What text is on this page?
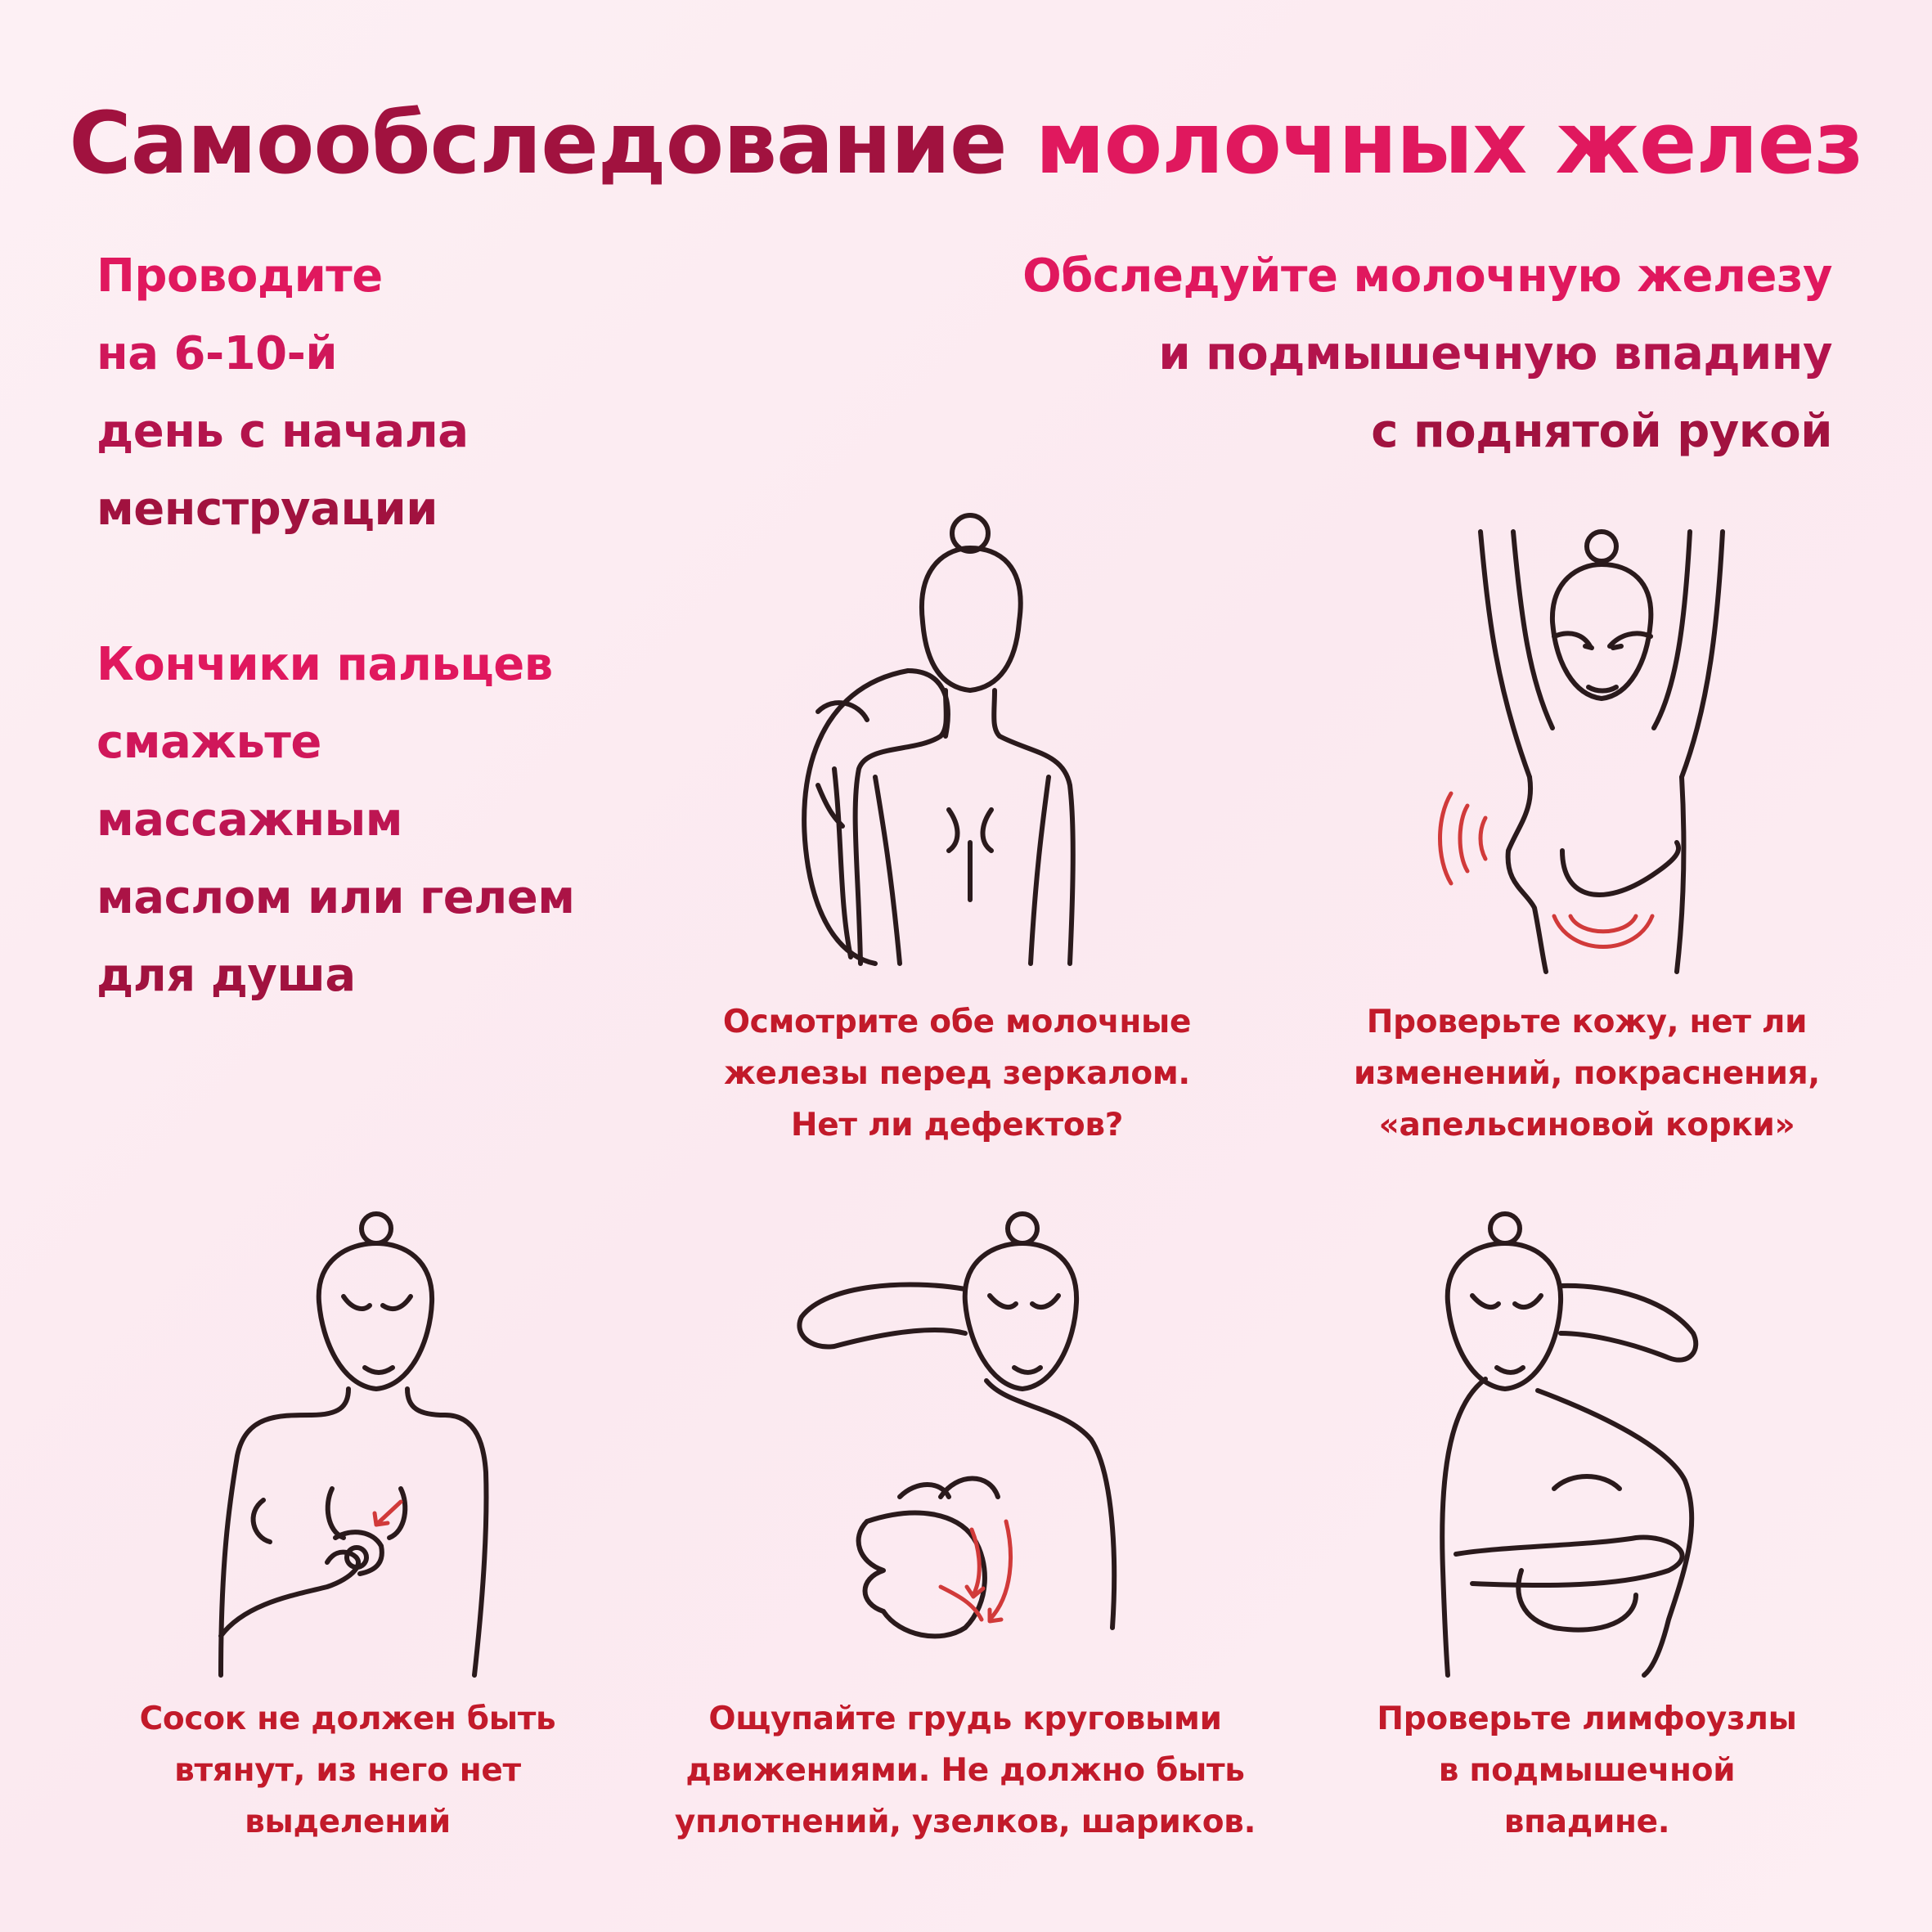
Самообследование молочных желез

Проводите

на 6-10-й

день с начала

менструации

Кончики пальцев

смажьте

массажным

маслом или гелем

для душа

Обследуйте молочную железу

и подмышечную впадину

с поднятой рукой

Осмотрите обе молочные
железы перед зеркалом.
Нет ли дефектов?
Проверьте кожу, нет ли
изменений, покраснения,
«апельсиновой корки»
Сосок не должен быть
втянут, из него нет
выделений
Ощупайте грудь круговыми
движениями. Не должно быть
уплотнений, узелков, шариков.
Проверьте лимфоузлы
в подмышечной
впадине.
